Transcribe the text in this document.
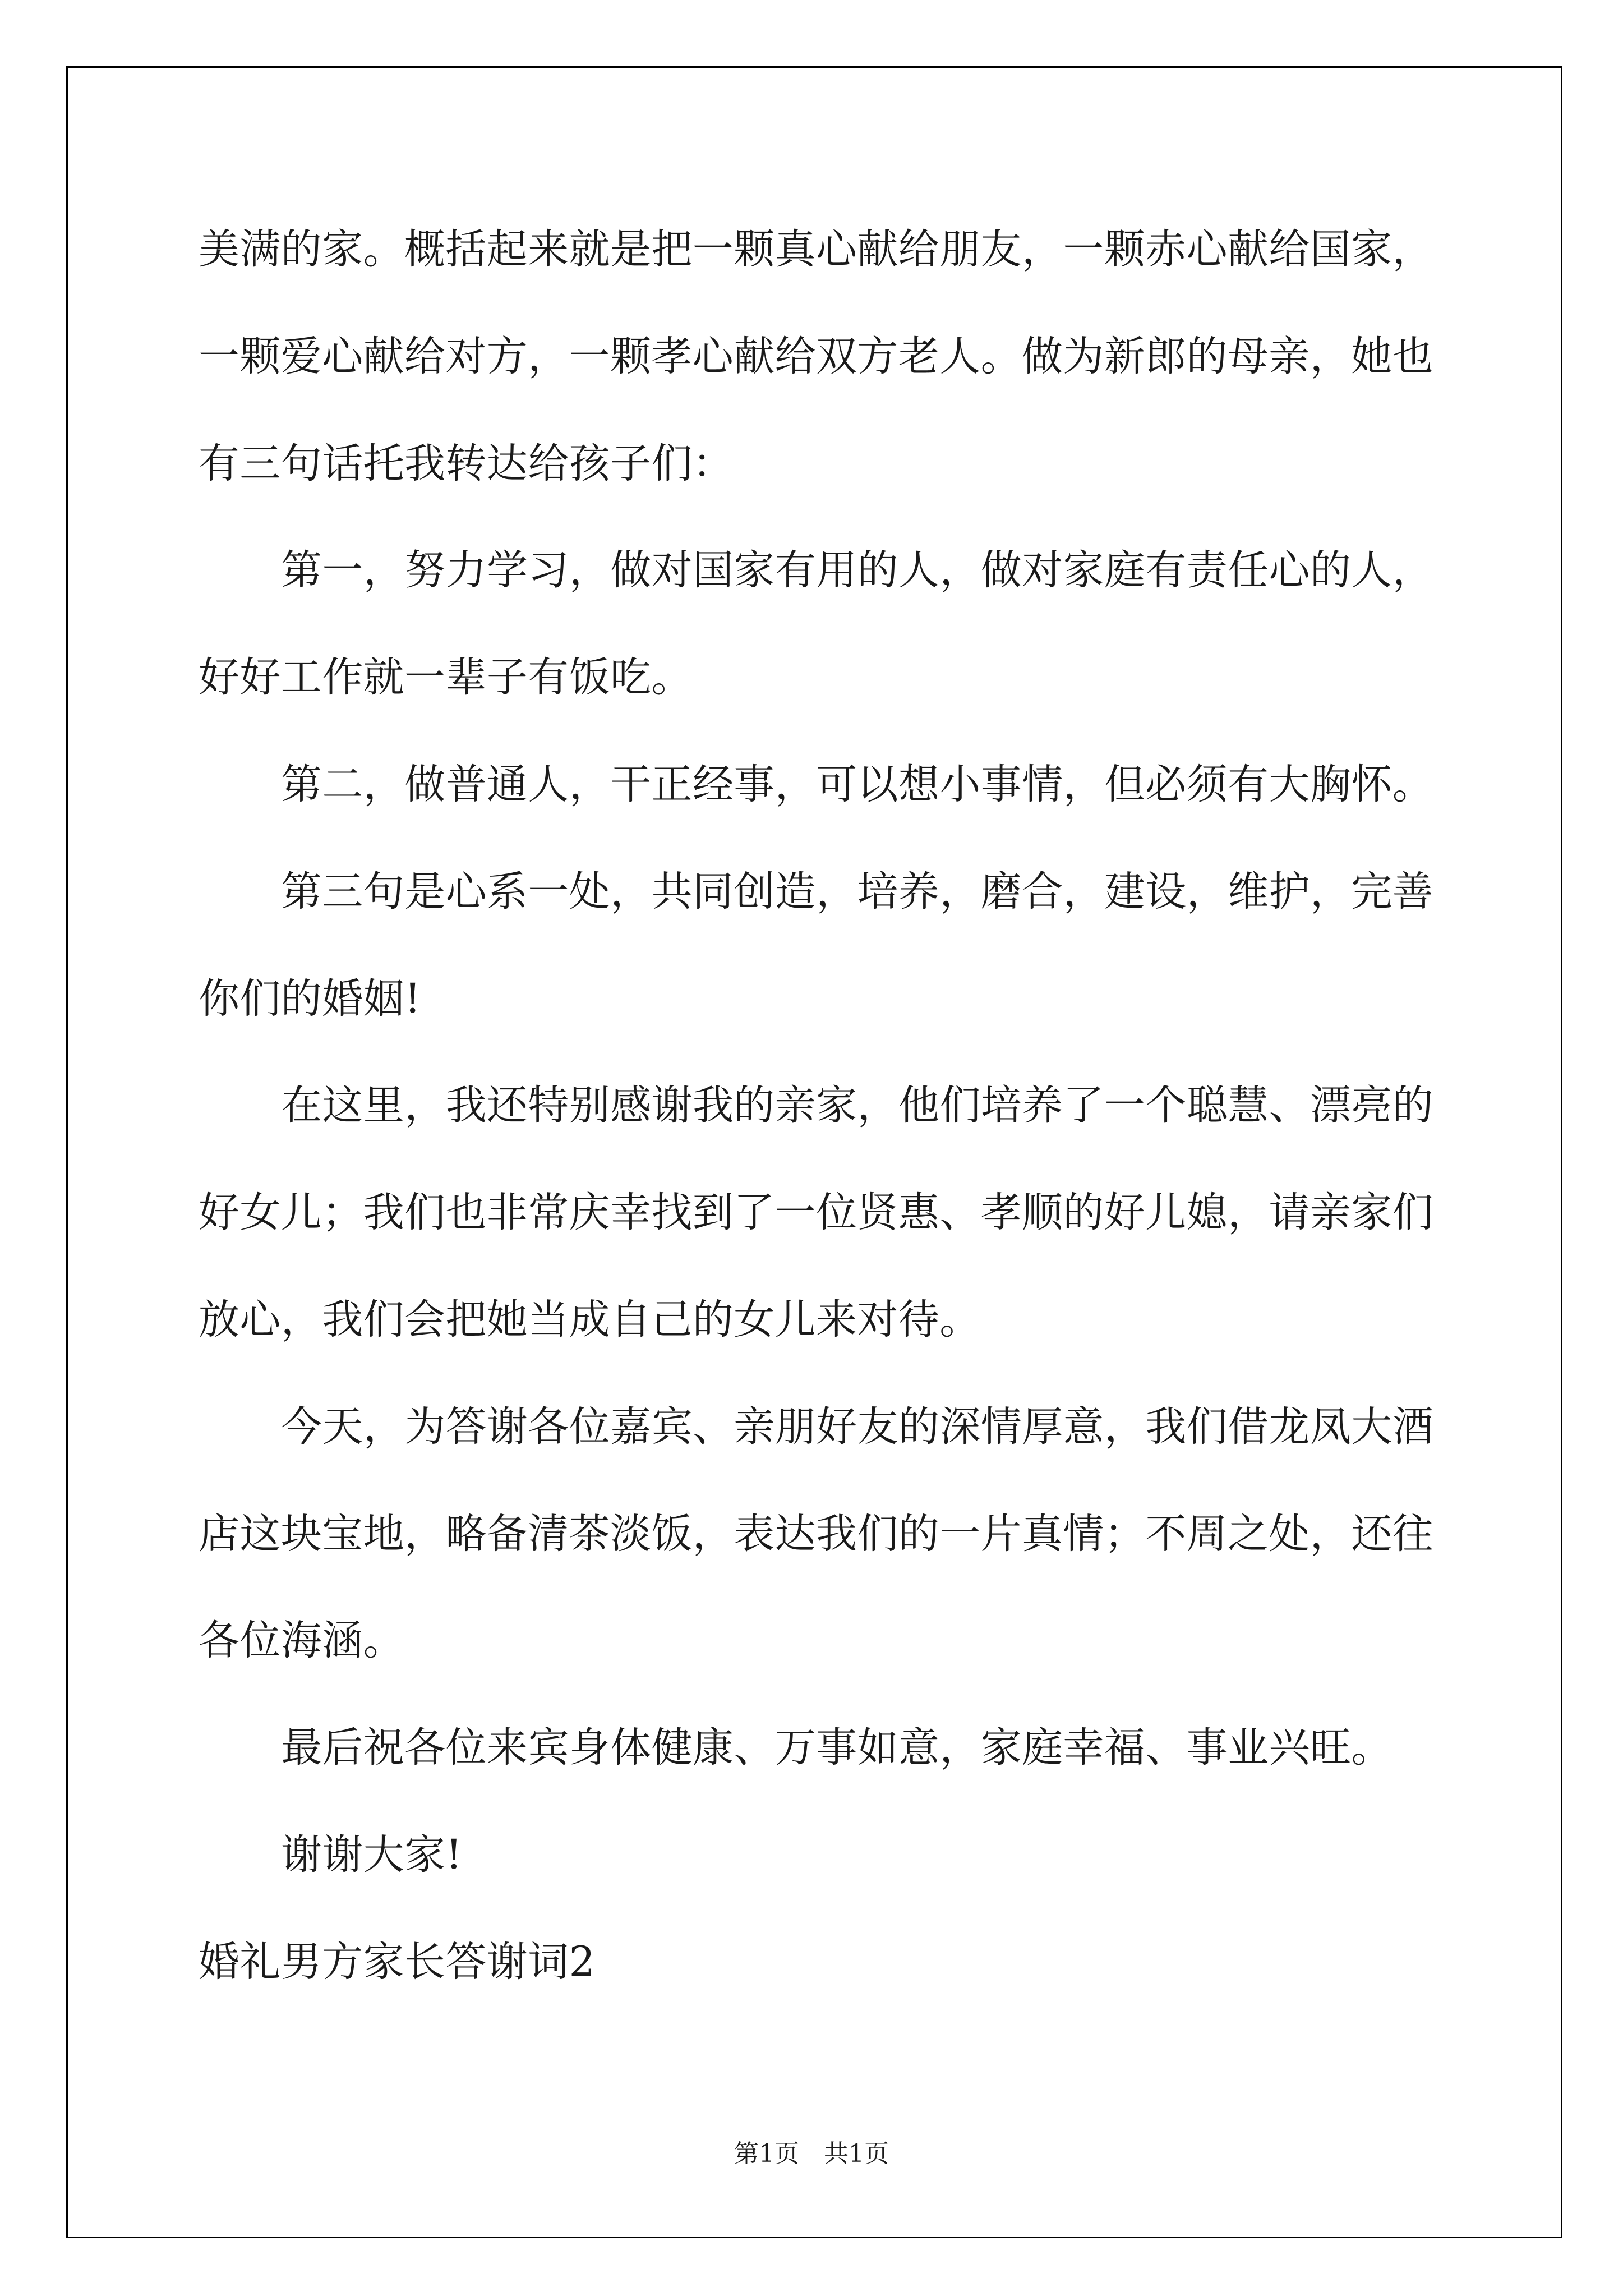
美满的家。概括起来就是把一颗真心献给朋友，一颗赤心献给国家，
一颗爱心献给对方，一颗孝心献给双方老人。做为新郎的母亲，她也
有三句话托我转达给孩子们：
第一，努力学习，做对国家有用的人，做对家庭有责任心的人，
好好工作就一辈子有饭吃。
第二，做普通人，干正经事，可以想小事情，但必须有大胸怀。
第三句是心系一处，共同创造，培养，磨合，建设，维护，完善
你们的婚姻!
在这里，我还特别感谢我的亲家，他们培养了一个聪慧、漂亮的
好女儿；我们也非常庆幸找到了一位贤惠、孝顺的好儿媳，请亲家们
放心，我们会把她当成自己的女儿来对待。
今天，为答谢各位嘉宾、亲朋好友的深情厚意，我们借龙凤大酒
店这块宝地，略备清茶淡饭，表达我们的一片真情；不周之处，还往
各位海涵。
最后祝各位来宾身体健康、万事如意，家庭幸福、事业兴旺。
谢谢大家!
婚礼男方家长答谢词2
第1页　共1页
